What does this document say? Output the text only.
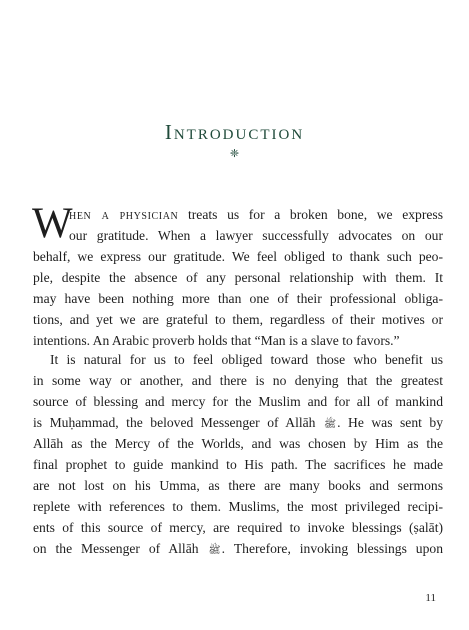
Introduction
❈
W
hen a physician treats us for a broken bone, we express
our gratitude. When a lawyer successfully advocates on our
behalf, we express our gratitude. We feel obliged to thank such peo-
ple, despite the absence of any personal relationship with them. It
may have been nothing more than one of their professional obliga-
tions, and yet we are grateful to them, regardless of their motives or
intentions. An Arabic proverb holds that “Man is a slave to favors.”
It is natural for us to feel obliged toward those who benefit us
in some way or another, and there is no denying that the greatest
source of blessing and mercy for the Muslim and for all of mankind
is Muḥammad, the beloved Messenger of Allāh ﷺ. He was sent by
Allāh as the Mercy of the Worlds, and was chosen by Him as the
final prophet to guide mankind to His path. The sacrifices he made
are not lost on his Umma, as there are many books and sermons
replete with references to them. Muslims, the most privileged recipi-
ents of this source of mercy, are required to invoke blessings (ṣalāt)
on the Messenger of Allāh ﷺ. Therefore, invoking blessings upon
11
